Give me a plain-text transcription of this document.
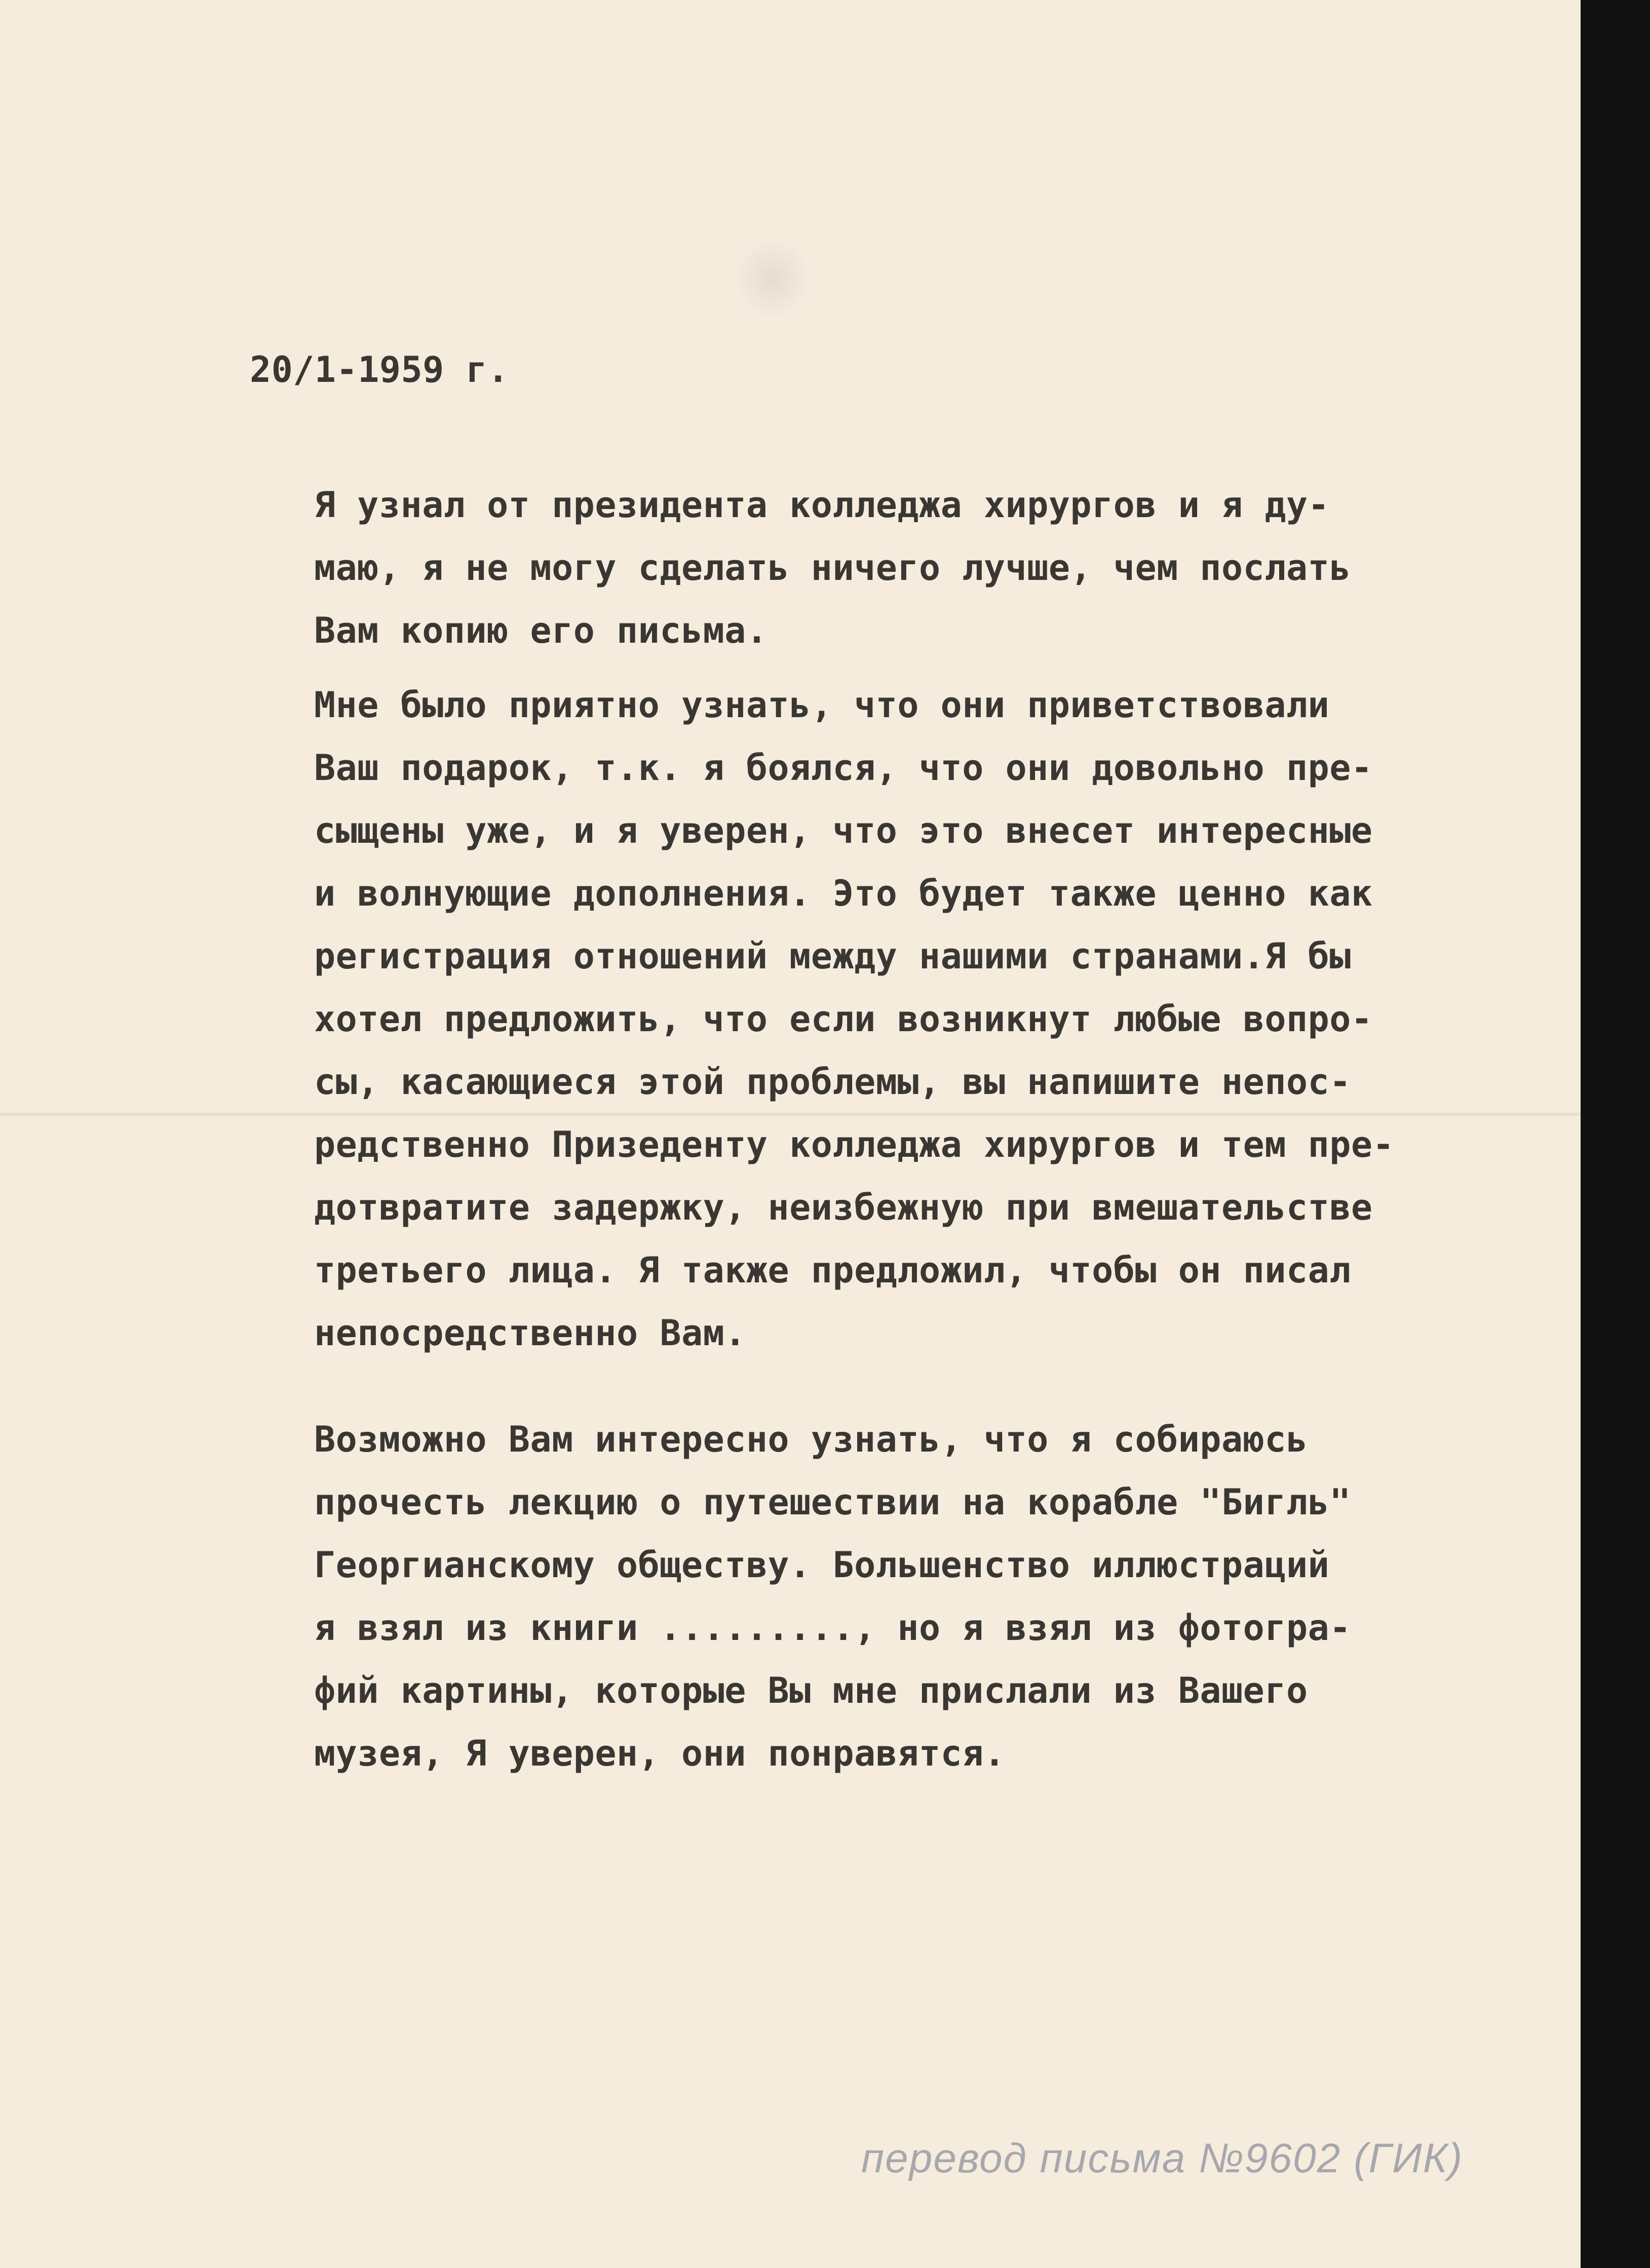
20/1-1959 г.

Я узнал от президента колледжа хирургов и я ду-
маю, я не могу сделать ничего лучше, чем послать
Вам копию его письма.

Мне было приятно узнать, что они приветствовали
Ваш подарок, т.к. я боялся, что они довольно пре-
сыщены уже, и я уверен, что это внесет интересные
и волнующие дополнения. Это будет также ценно как
регистрация отношений между нашими странами.Я бы
хотел предложить, что если возникнут любые вопро-
сы, касающиеся этой проблемы, вы напишите непос-
редственно Призеденту колледжа хирургов и тем пре-
дотвратите задержку, неизбежную при вмешательстве
третьего лица. Я также предложил, чтобы он писал
непосредственно Вам.

Возможно Вам интересно узнать, что я собираюсь
прочесть лекцию о путешествии на корабле "Бигль"
Георгианскому обществу. Большенство иллюстраций
я взял из книги ........., но я взял из фотогра-
фий картины, которые Вы мне прислали из Вашего
музея, Я уверен, они понравятся.

перевод письма №9602 (ГИК)
